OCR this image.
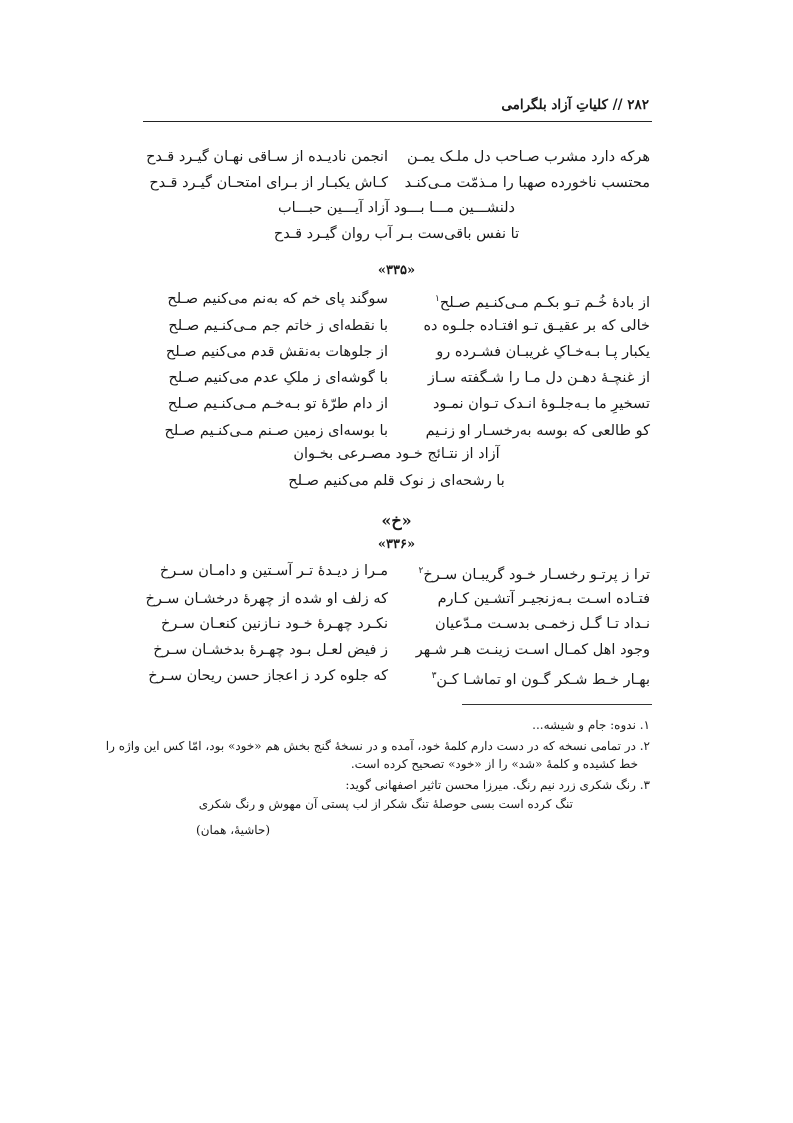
۲۸۲ // کلیاتِ آزاد بلگرامی
هرکه دارد مشرب صـاحب دل ملـک یمـن
انجمن نادیـده از سـاقی نهـان گیـرد قـدح
محتسب ناخورده صهبا را مـذمّت مـی‌کنـد
کـاش یکبـار از بـرای امتحـان گیـرد قـدح
دلنشـــین مـــا بـــود آزاد آیـــین حبـــاب
تا نفس باقی‌ست بـر آب روان گیـرد قـدح
«۳۳۵»
از بادۀ خُـم تـو بکـم مـی‌کنـیم صـلح$^۱$
سوگند پای خم که به‌نم می‌کنیم صـلح
خالی که بر عقیـق تـو افتـاده جلـوه ده
با نقطه‌ای ز خاتم جم مـی‌کنـیم صـلح
یکبار پـا بـه‌خـاکِ غریبـان فشـرده رو
از جلوهات به‌نقش قدم می‌کنیم صـلح
از غنچـۀ دهـن دل مـا را شـگفته سـاز
با گوشه‌ای ز ملکِ عدم می‌کنیم صـلح
تسخیرِ ما بـه‌جلـوۀ انـدک تـوان نمـود
از دام طرّۀ تو بـه‌خـم مـی‌کنـیم صـلح
کو طالعی که بوسه به‌رخسـار او زنـیم
با بوسه‌ای زمین صـنم مـی‌کنـیم صـلح
آزاد از نتـائج خـود مصـرعی بخـوان
با رشحه‌ای ز نوک قلم می‌کنیم صـلح
«خ»
«۳۳۶»
ترا ز پرتـو رخسـار خـود گریبـان سـرخ$^۲$
مـرا ز دیـدۀ تـر آسـتین و دامـان سـرخ
فتـاده اسـت بـه‌زنجیـر آتشـین کـارم
که زلف او شده از چهرۀ درخشـان سـرخ
نـداد تـا گـل زخمـی بدسـت مـدّعیان
نکـرد چهـرۀ خـود نـازنین کنعـان سـرخ
وجود اهل کمـال اسـت زینـت هـر شـهر
ز فیض لعـل بـود چهـرۀ بدخشـان سـرخ
بهـار خـط شـکر گـون او تماشـا کـن$^۳$
که جلوه کرد ز اعجاز حسن ریحان سـرخ
۱. ندوه: جام و شیشه...
۲. در تمامی نسخه که در دست دارم کلمۀ خود، آمده و در نسخۀ گنج بخش هم «خود» بود، امّا کس این واژه را
خط کشیده و کلمۀ «شد» را از «خود» تصحیح کرده است.
۳. رنگ شکری زرد نیم رنگ. میرزا محسن تاثیر اصفهانی گوید:
تنگ کرده است بسی حوصلۀ تنگ شکر
از لب پستی آن مهوش و رنگ شکری
(حاشیۀ، همان)
